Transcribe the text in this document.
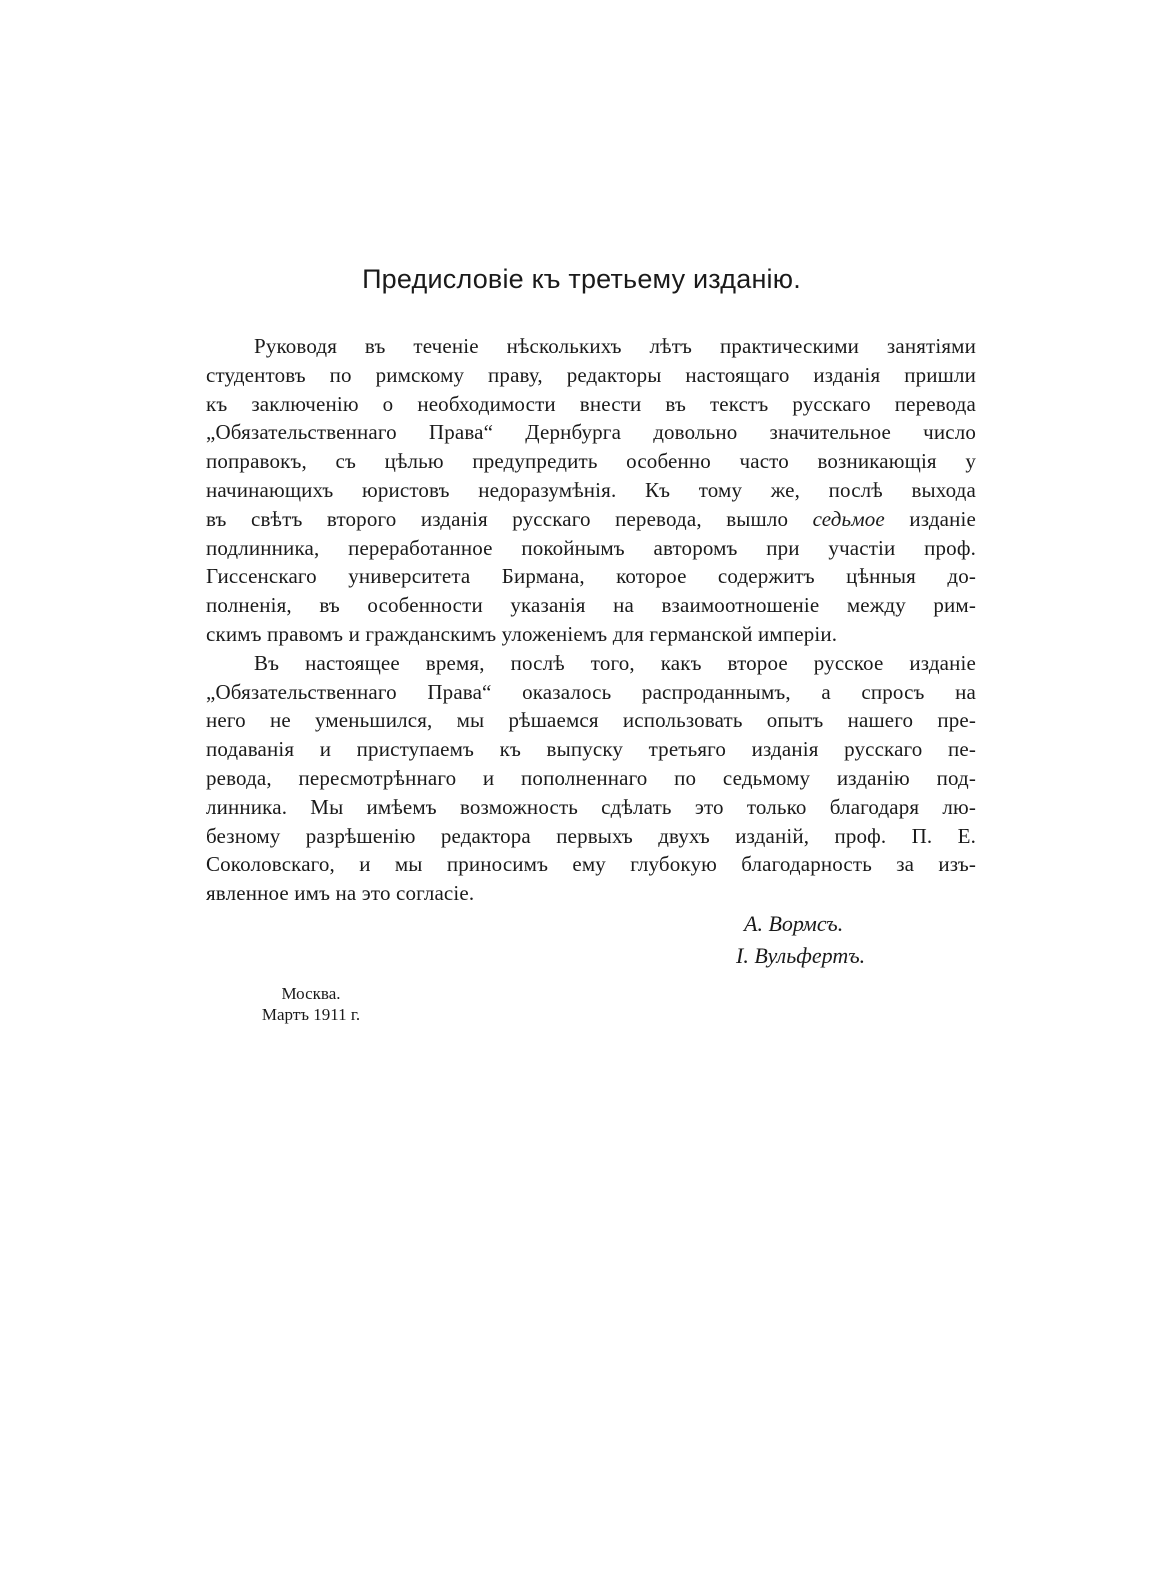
Предисловіе къ третьему изданію.
Руководя въ теченіе нѣсколькихъ лѣтъ практическими занятіями
студентовъ по римскому праву, редакторы настоящаго изданія пришли
къ заключенію о необходимости внести въ текстъ русскаго перевода
„Обязательственнаго Права“ Дернбурга довольно значительное число
поправокъ, съ цѣлью предупредить особенно часто возникающія у
начинающихъ юристовъ недоразумѣнія. Къ тому же, послѣ выхода
въ свѣтъ второго изданія русскаго перевода, вышло седьмое изданіе
подлинника, переработанное покойнымъ авторомъ при участіи проф.
Гиссенскаго университета Бирмана, которое содержитъ цѣнныя до-
полненія, въ особенности указанія на взаимоотношеніе между рим-
скимъ правомъ и гражданскимъ уложеніемъ для германской имперіи.
Въ настоящее время, послѣ того, какъ второе русское изданіе
„Обязательственнаго Права“ оказалось распроданнымъ, а спросъ на
него не уменьшился, мы рѣшаемся использовать опытъ нашего пре-
подаванія и приступаемъ къ выпуску третьяго изданія русскаго пе-
ревода, пересмотрѣннаго и пополненнаго по седьмому изданію под-
линника. Мы имѣемъ возможность сдѣлать это только благодаря лю-
безному разрѣшенію редактора первыхъ двухъ изданій, проф. П. Е.
Соколовскаго, и мы приносимъ ему глубокую благодарность за изъ-
явленное имъ на это согласіе.
А. Вормсъ.
І. Вульфертъ.
Москва.
Мартъ 1911 г.
